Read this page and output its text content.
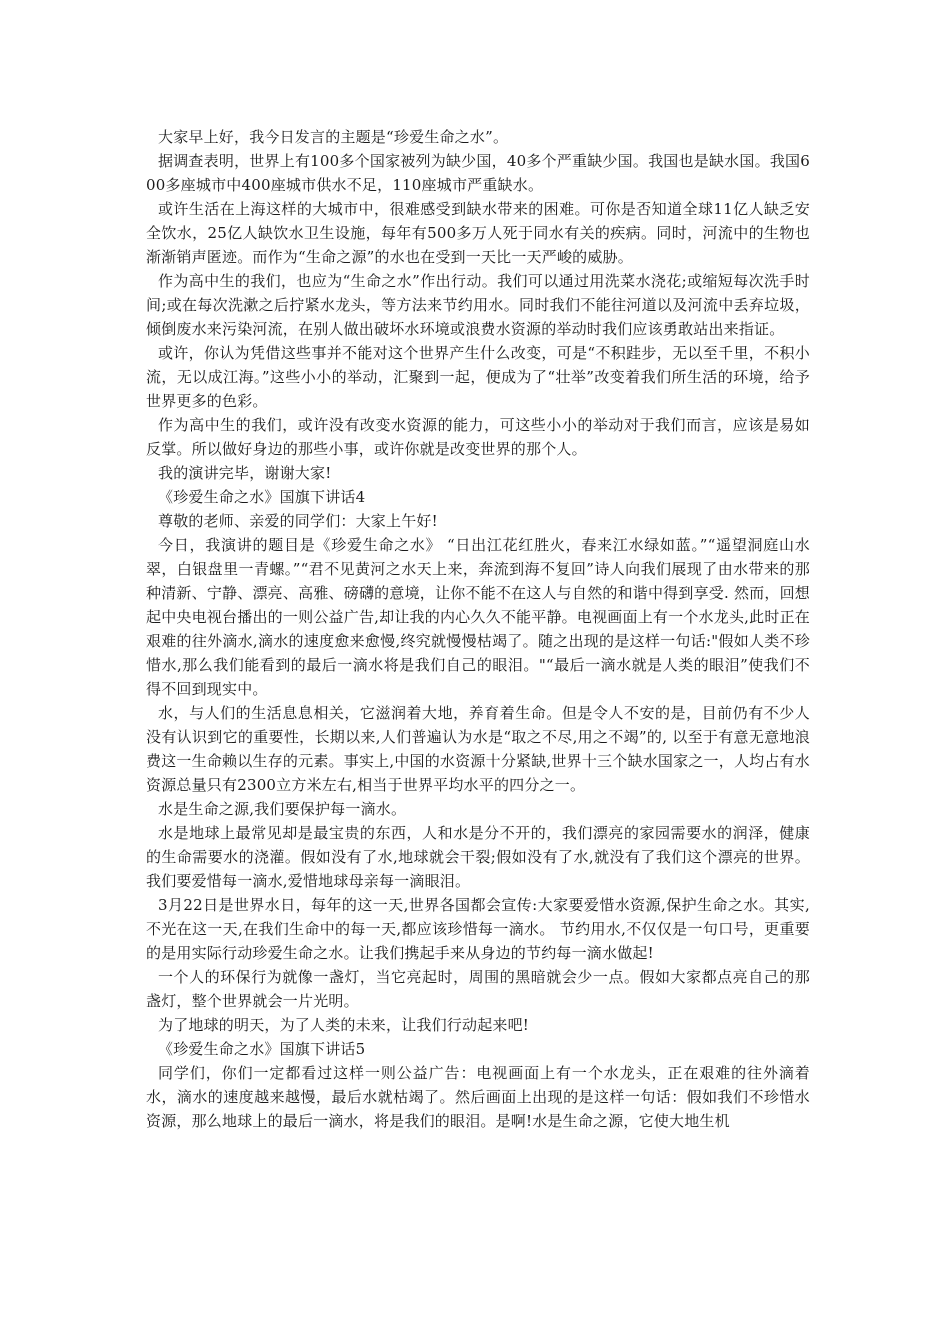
大家早上好，我今日发言的主题是“珍爱生命之水”。

据调查表明，世界上有100多个国家被列为缺少国，40多个严重缺少国。我国也是缺水国。我国600多座城市中400座城市供水不足，110座城市严重缺水。

或许生活在上海这样的大城市中，很难感受到缺水带来的困难。可你是否知道全球11亿人缺乏安全饮水，25亿人缺饮水卫生设施，每年有500多万人死于同水有关的疾病。同时，河流中的生物也渐渐销声匿迹。而作为“生命之源”的水也在受到一天比一天严峻的威胁。

作为高中生的我们，也应为“生命之水”作出行动。我们可以通过用洗菜水浇花;或缩短每次洗手时间;或在每次洗漱之后拧紧水龙头，等方法来节约用水。同时我们不能往河道以及河流中丢弃垃圾，倾倒废水来污染河流，在别人做出破坏水环境或浪费水资源的举动时我们应该勇敢站出来指证。

或许，你认为凭借这些事并不能对这个世界产生什么改变，可是“不积跬步，无以至千里，不积小流，无以成江海。”这些小小的举动，汇聚到一起，便成为了“壮举”改变着我们所生活的环境，给予世界更多的色彩。

作为高中生的我们，或许没有改变水资源的能力，可这些小小的举动对于我们而言，应该是易如反掌。所以做好身边的那些小事，或许你就是改变世界的那个人。

我的演讲完毕，谢谢大家!

《珍爱生命之水》国旗下讲话4

尊敬的老师、亲爱的同学们：大家上午好!

今日，我演讲的题目是《珍爱生命之水》 “日出江花红胜火，春来江水绿如蓝。”“遥望洞庭山水翠，白银盘里一青螺。”“君不见黄河之水天上来，奔流到海不复回”诗人向我们展现了由水带来的那种清新、宁静、漂亮、高雅、磅礴的意境，让你不能不在这人与自然的和谐中得到享受. 然而，回想起中央电视台播出的一则公益广告,却让我的内心久久不能平静。电视画面上有一个水龙头,此时正在艰难的往外滴水,滴水的速度愈来愈慢,终究就慢慢枯竭了。随之出现的是这样一句话:"假如人类不珍惜水,那么我们能看到的最后一滴水将是我们自己的眼泪。"“最后一滴水就是人类的眼泪”使我们不得不回到现实中。

水，与人们的生活息息相关，它滋润着大地，养育着生命。但是令人不安的是，目前仍有不少人没有认识到它的重要性，长期以来,人们普遍认为水是“取之不尽,用之不竭”的, 以至于有意无意地浪费这一生命赖以生存的元素。事实上,中国的水资源十分紧缺,世界十三个缺水国家之一，人均占有水资源总量只有2300立方米左右,相当于世界平均水平的四分之一。

水是生命之源,我们要保护每一滴水。

水是地球上最常见却是最宝贵的东西，人和水是分不开的，我们漂亮的家园需要水的润泽，健康的生命需要水的浇灌。假如没有了水,地球就会干裂;假如没有了水,就没有了我们这个漂亮的世界。我们要爱惜每一滴水,爱惜地球母亲每一滴眼泪。

3月22日是世界水日，每年的这一天,世界各国都会宣传:大家要爱惜水资源,保护生命之水。其实,不光在这一天,在我们生命中的每一天,都应该珍惜每一滴水。 节约用水,不仅仅是一句口号，更重要的是用实际行动珍爱生命之水。让我们携起手来从身边的节约每一滴水做起!

一个人的环保行为就像一盏灯，当它亮起时，周围的黑暗就会少一点。假如大家都点亮自己的那盏灯，整个世界就会一片光明。

为了地球的明天，为了人类的未来，让我们行动起来吧!

《珍爱生命之水》国旗下讲话5

同学们，你们一定都看过这样一则公益广告：电视画面上有一个水龙头，正在艰难的往外滴着水，滴水的速度越来越慢，最后水就枯竭了。然后画面上出现的是这样一句话：假如我们不珍惜水资源，那么地球上的最后一滴水，将是我们的眼泪。是啊!水是生命之源，它使大地生机
